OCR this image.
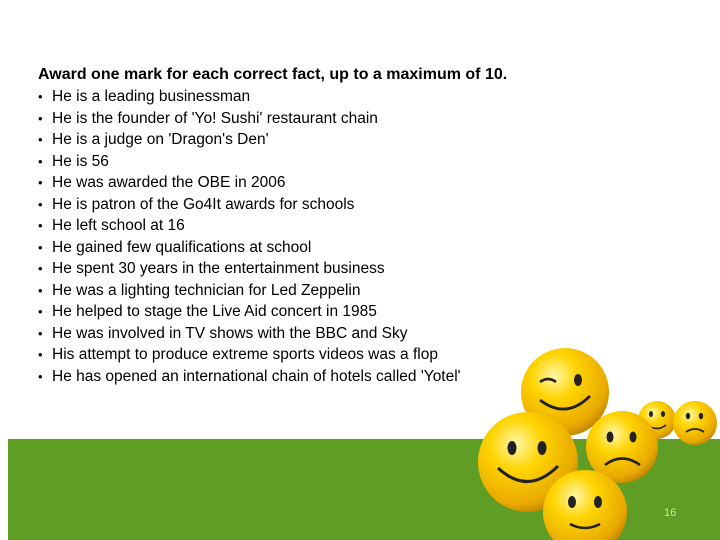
Award one mark for each correct fact, up to a maximum of 10.
• He is a leading businessman
• He is the founder of 'Yo! Sushi' restaurant chain
• He is a judge on 'Dragon's Den'
• He is 56
• He was awarded the OBE in 2006
• He is patron of the Go4It awards for schools
• He left school at 16
• He gained few qualifications at school
• He spent 30 years in the entertainment business
• He was a lighting technician for Led Zeppelin
• He helped to stage the Live Aid concert in 1985
• He was involved in TV shows with the BBC and Sky
• His attempt to produce extreme sports videos was a flop
• He has opened an international chain of hotels called 'Yotel'
16
